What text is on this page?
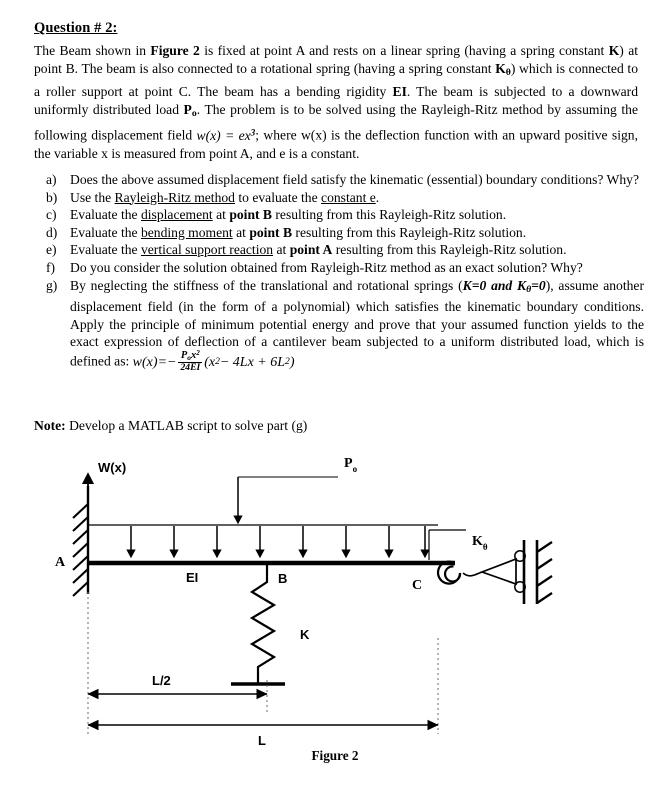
Question # 2:
The Beam shown in Figure 2 is fixed at point A and rests on a linear spring (having a spring constant K) at point B. The beam is also connected to a rotational spring (having a spring constant $K_\theta$) which is connected to a roller support at point C. The beam has a bending rigidity EI. The beam is subjected to a downward uniformly distributed load $P_o$. The problem is to be solved using the Rayleigh-Ritz method by assuming the following displacement field $w(x) = ex^3$; where w(x) is the deflection function with an upward positive sign, the variable x is measured from point A, and e is a constant.
a) Does the above assumed displacement field satisfy the kinematic (essential) boundary conditions? Why?
b) Use the Rayleigh-Ritz method to evaluate the constant e.
c) Evaluate the displacement at point B resulting from this Rayleigh-Ritz solution.
d) Evaluate the bending moment at point B resulting from this Rayleigh-Ritz solution.
e) Evaluate the vertical support reaction at point A resulting from this Rayleigh-Ritz solution.
f)	Do you consider the solution obtained from Rayleigh-Ritz method as an exact solution? Why?
g) By neglecting the stiffness of the translational and rotational springs (K=0 and $K_\theta=0$), assume another displacement field (in the form of a polynomial) which satisfies the kinematic boundary conditions. Apply the principle of minimum potential energy and prove that your assumed function yields to the exact expression of deflection of a cantilever beam subjected to a uniform distributed load, which is defined as: w (x) = − $\frac{P_ox^2}{24EI} (x$ 2 − 4Lx + 6L 2 )
Note: Develop a MATLAB script to solve part (g)
W(x)
A
$P_o$
EI	B	C
K
$K_\theta$
L/2
L
Figure 2
